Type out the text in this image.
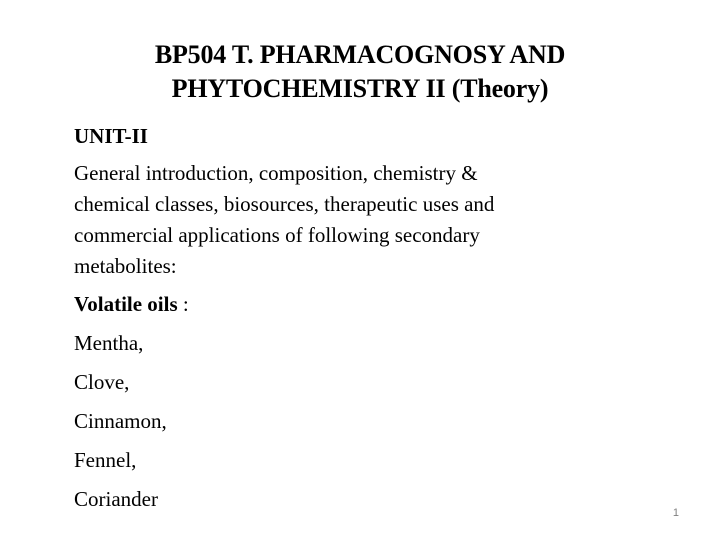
BP504 T. PHARMACOGNOSY AND
PHYTOCHEMISTRY II (Theory)

UNIT-II

General introduction, composition, chemistry &
chemical classes, biosources, therapeutic uses and
commercial applications of following secondary
metabolites:

Volatile oils :

Mentha,

Clove,

Cinnamon,

Fennel,

Coriander

1
